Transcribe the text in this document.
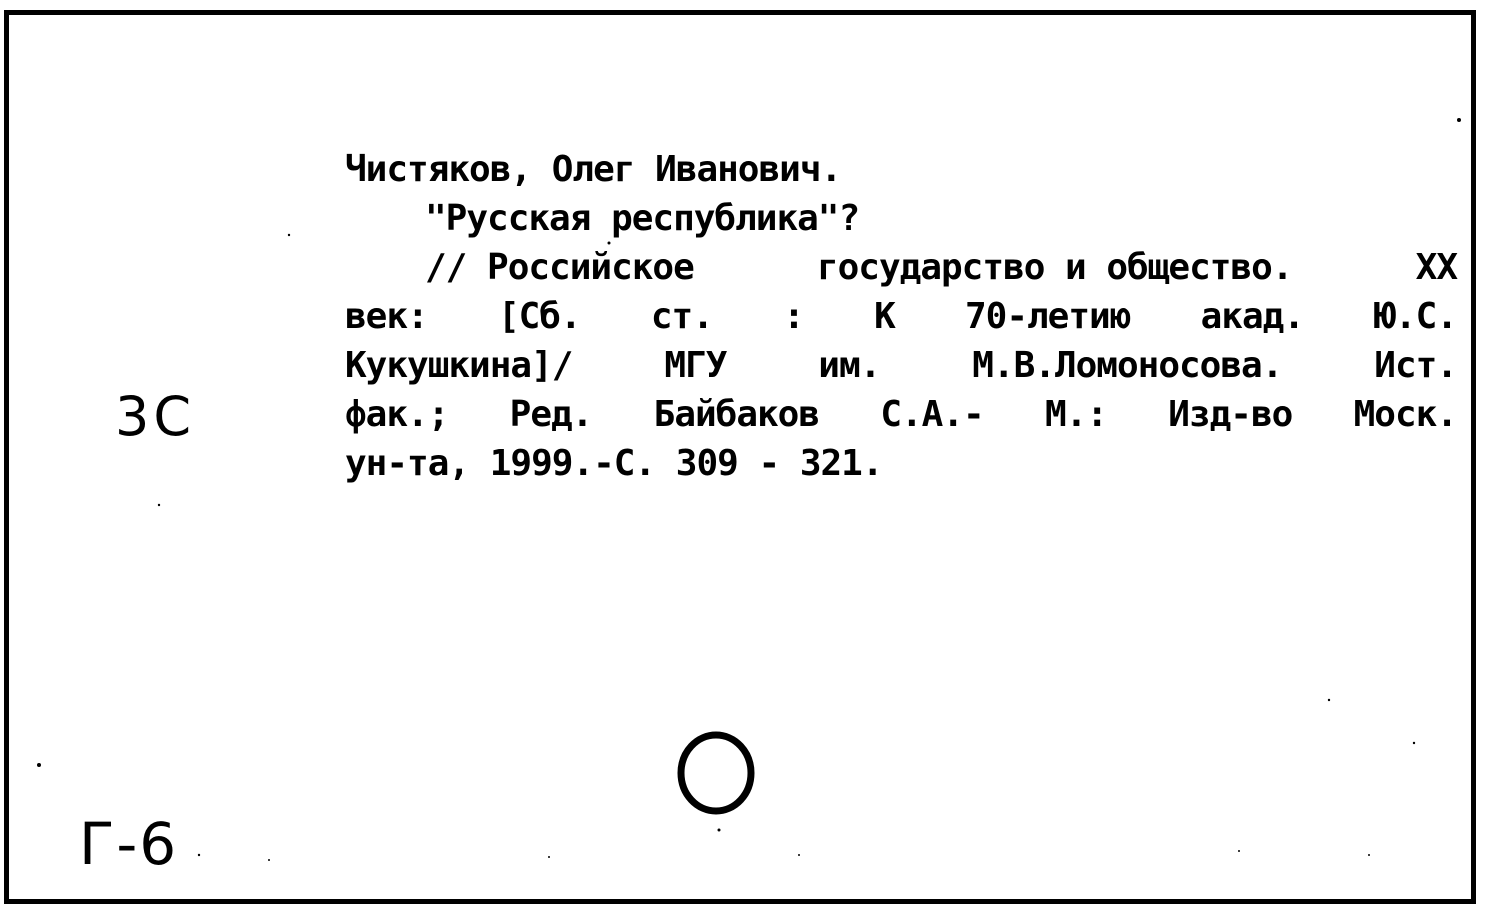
3C
Г-6
Чистяков, Олег Иванович.
"Русская республика"?
// Российское	государство и общество.	XX
век: [Сб. ст. : К 70-летию акад. Ю.С.
Кукушкина]/	МГУ	им.	М.В.Ломоносова.	Ист.
фак.; Ред. Байбаков С.А.- М.: Изд-во Моск.
ун-та, 1999.-С. 309 - 321.
